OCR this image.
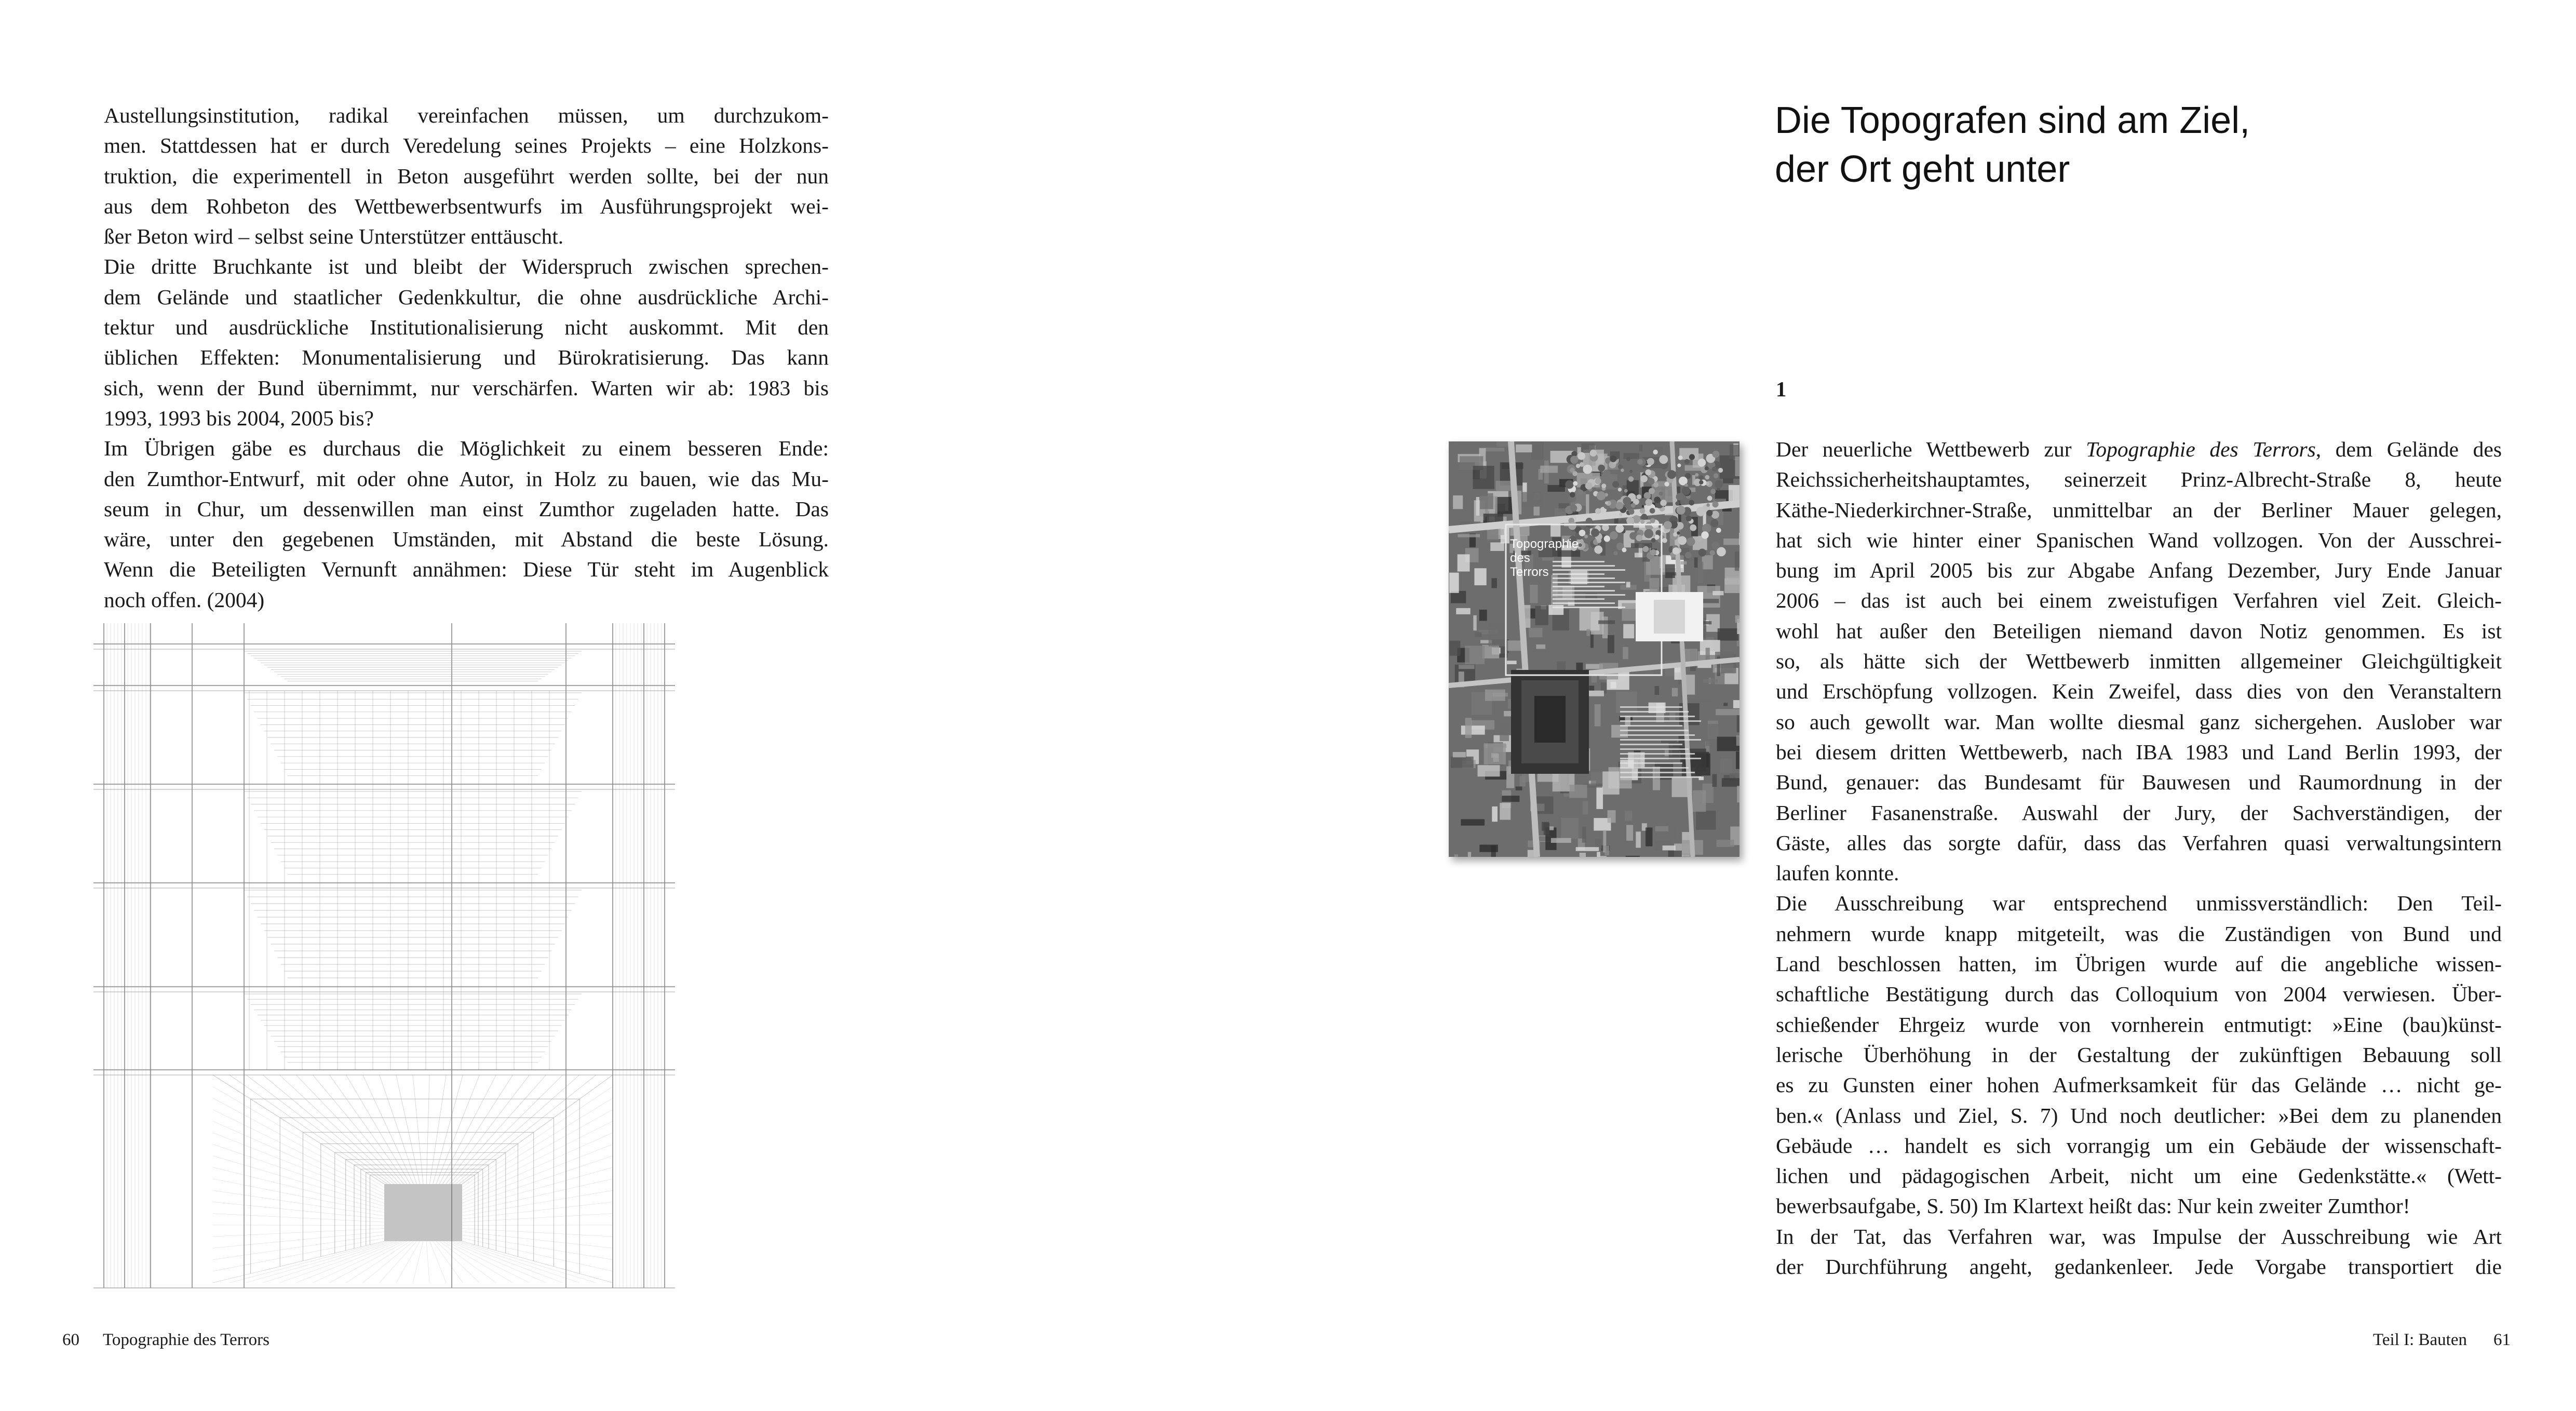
Austellungsinstitution, radikal vereinfachen müssen, um durchzukom-
men. Stattdessen hat er durch Veredelung seines Projekts – eine Holzkons-
truktion, die experimentell in Beton ausgeführt werden sollte, bei der nun
aus dem Rohbeton des Wettbewerbsentwurfs im Ausführungsprojekt wei-
ßer Beton wird – selbst seine Unterstützer enttäuscht.
Die dritte Bruchkante ist und bleibt der Widerspruch zwischen sprechen-
dem Gelände und staatlicher Gedenkkultur, die ohne ausdrückliche Archi-
tektur und ausdrückliche Institutionalisierung nicht auskommt. Mit den
üblichen Effekten: Monumentalisierung und Bürokratisierung. Das kann
sich, wenn der Bund übernimmt, nur verschärfen. Warten wir ab: 1983 bis
1993, 1993 bis 2004, 2005 bis?
Im Übrigen gäbe es durchaus die Möglichkeit zu einem besseren Ende:
den Zumthor-Entwurf, mit oder ohne Autor, in Holz zu bauen, wie das Mu-
seum in Chur, um dessenwillen man einst Zumthor zugeladen hatte. Das
wäre, unter den gegebenen Umständen, mit Abstand die beste Lösung.
Wenn die Beteiligten Vernunft annähmen: Diese Tür steht im Augenblick
noch offen. (2004)
60 Topographie des Terrors
Die Topografen sind am Ziel,
der Ort geht unter
1
Topographie
des
Terrors
Der neuerliche Wettbewerb zur Topographie des Terrors, dem Gelände des
Reichssicherheitshauptamtes, seinerzeit Prinz-Albrecht-Straße 8, heute
Käthe-Niederkirchner-Straße, unmittelbar an der Berliner Mauer gelegen,
hat sich wie hinter einer Spanischen Wand vollzogen. Von der Ausschrei-
bung im April 2005 bis zur Abgabe Anfang Dezember, Jury Ende Januar
2006 – das ist auch bei einem zweistufigen Verfahren viel Zeit. Gleich-
wohl hat außer den Beteiligen niemand davon Notiz genommen. Es ist
so, als hätte sich der Wettbewerb inmitten allgemeiner Gleichgültigkeit
und Erschöpfung vollzogen. Kein Zweifel, dass dies von den Veranstaltern
so auch gewollt war. Man wollte diesmal ganz sichergehen. Auslober war
bei diesem dritten Wettbewerb, nach IBA 1983 und Land Berlin 1993, der
Bund, genauer: das Bundesamt für Bauwesen und Raumordnung in der
Berliner Fasanenstraße. Auswahl der Jury, der Sachverständigen, der
Gäste, alles das sorgte dafür, dass das Verfahren quasi verwaltungsintern
laufen konnte.
Die Ausschreibung war entsprechend unmissverständlich: Den Teil-
nehmern wurde knapp mitgeteilt, was die Zuständigen von Bund und
Land beschlossen hatten, im Übrigen wurde auf die angebliche wissen-
schaftliche Bestätigung durch das Colloquium von 2004 verwiesen. Über-
schießender Ehrgeiz wurde von vornherein entmutigt: »Eine (bau)künst-
lerische Überhöhung in der Gestaltung der zukünftigen Bebauung soll
es zu Gunsten einer hohen Aufmerksamkeit für das Gelände … nicht ge-
ben.« (Anlass und Ziel, S. 7) Und noch deutlicher: »Bei dem zu planenden
Gebäude … handelt es sich vorrangig um ein Gebäude der wissenschaft-
lichen und pädagogischen Arbeit, nicht um eine Gedenkstätte.« (Wett-
bewerbsaufgabe, S. 50) Im Klartext heißt das: Nur kein zweiter Zumthor!
In der Tat, das Verfahren war, was Impulse der Ausschreibung wie Art
der Durchführung angeht, gedankenleer. Jede Vorgabe transportiert die
Teil I: Bauten 61
